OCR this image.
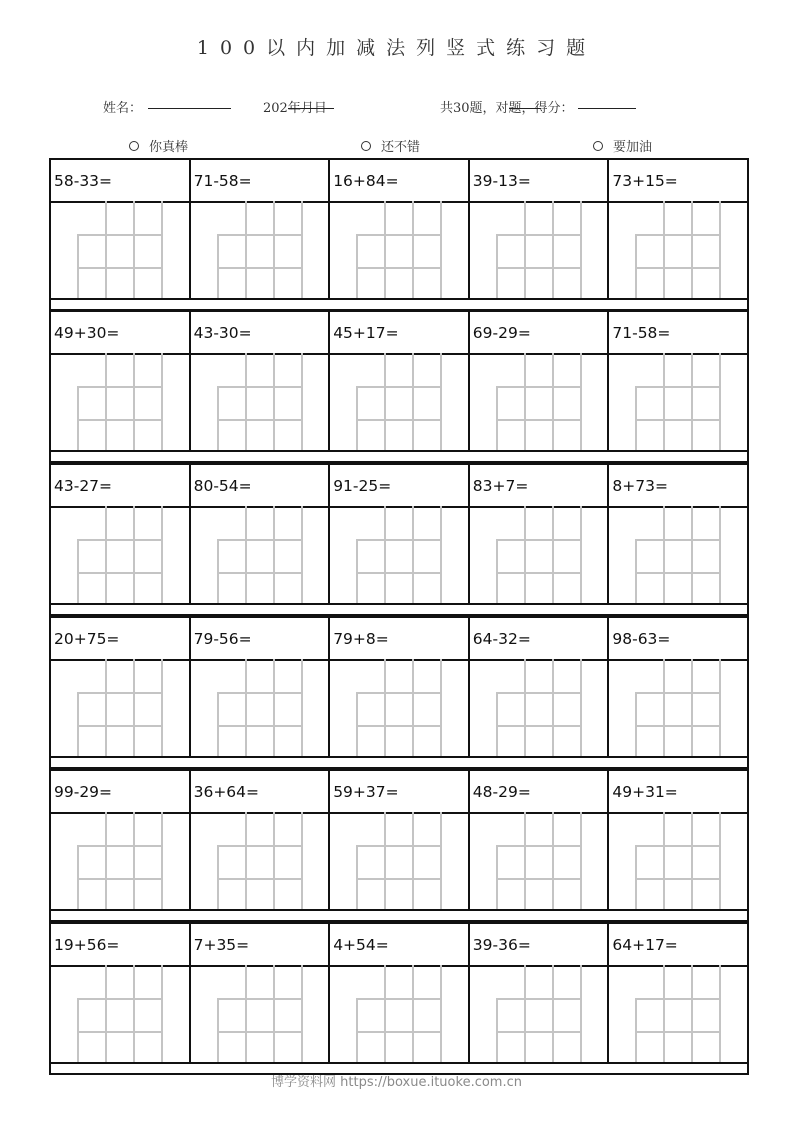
100以内加减法列竖式练习题
姓名：	202
年
月
日	共30题，对
题，得分：
你真棒	还不错	要加油
58-33=	71-58=	16+84=	39-13=	73+15=
49+30=	43-30=	45+17=	69-29=	71-58=
43-27=	80-54=	91-25=	83+7=	8+73=
20+75=	79-56=	79+8=	64-32=	98-63=
99-29=	36+64=	59+37=	48-29=	49+31=
19+56=	7+35=	4+54=	39-36=	64+17=
博学资料网 https://boxue.ituoke.com.cn
